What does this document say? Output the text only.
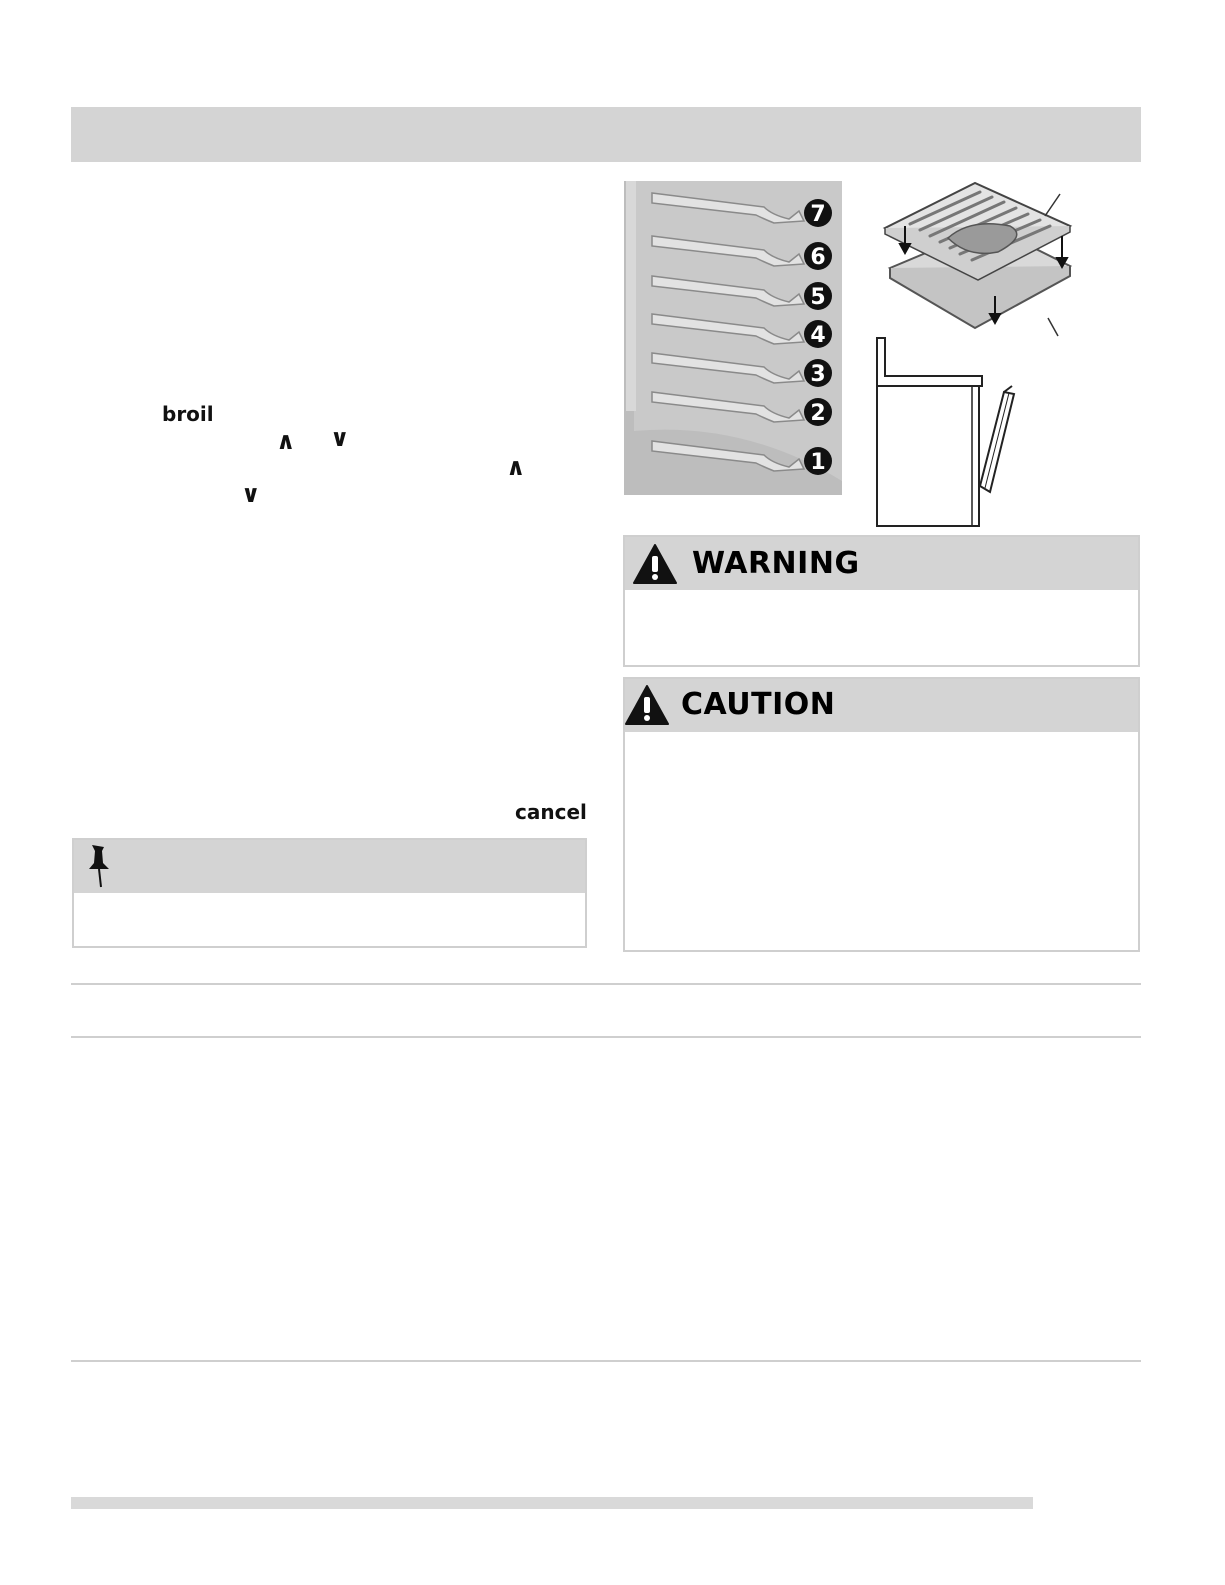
broil
∧ ∨
∧
∨
cancel
7
6
5
4
3
2
1
WARNING
CAUTION
